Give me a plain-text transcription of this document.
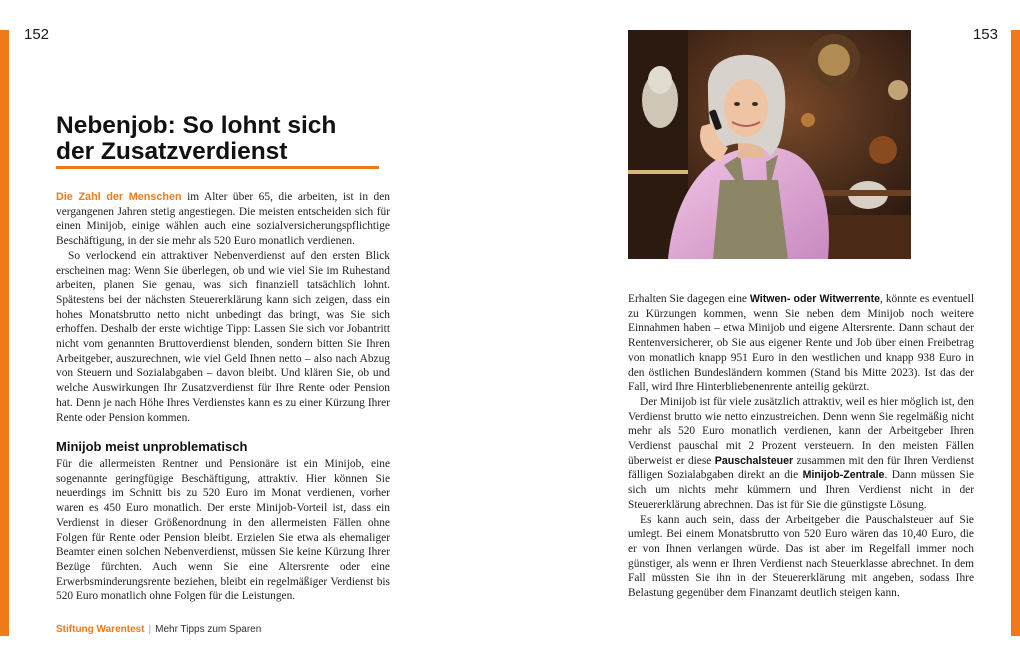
152
Nebenjob: So lohnt sich
der Zusatzverdienst

Die Zahl der Menschen im Alter über 65, die arbeiten, ist in den vergangenen Jahren stetig angestiegen. Die meisten entscheiden sich für einen Minijob, einige wählen auch eine sozialversicherungspflichtige Beschäftigung, in der sie mehr als 520 Euro monatlich verdienen.

So verlockend ein attraktiver Nebenverdienst auf den ersten Blick erscheinen mag: Wenn Sie überlegen, ob und wie viel Sie im Ruhestand arbeiten, planen Sie genau, was sich finanziell tatsächlich lohnt. Spätestens bei der nächsten Steuererklärung kann sich zeigen, dass ein hohes Monatsbrutto netto nicht unbedingt das bringt, was Sie sich erhoffen. Deshalb der erste wichtige Tipp: Lassen Sie sich vor Jobantritt nicht vom genannten Bruttoverdienst blenden, sondern bitten Sie Ihren Arbeitgeber, auszurechnen, wie viel Geld Ihnen netto – also nach Abzug von Steuern und Sozialabgaben – davon bleibt. Und klären Sie, ob und welche Auswirkungen Ihr Zusatzverdienst für Ihre Rente oder Pension hat. Denn je nach Höhe Ihres Verdienstes kann es zu einer Kürzung Ihrer Rente oder Pension kommen.

Minijob meist unproblematisch

Für die allermeisten Rentner und Pensionäre ist ein Minijob, eine sogenannte geringfügige Beschäftigung, attraktiv. Hier können Sie neuerdings im Schnitt bis zu 520 Euro im Monat verdienen, vorher waren es 450 Euro monatlich. Der erste Minijob-Vorteil ist, dass ein Verdienst in dieser Größenordnung in den allermeisten Fällen ohne Folgen für Rente oder Pension bleibt. Erzielen Sie etwa als ehemaliger Beamter einen solchen Nebenverdienst, müssen Sie keine Kürzung Ihrer Bezüge fürchten. Auch wenn Sie eine Altersrente oder eine Erwerbsminderungsrente beziehen, bleibt ein regelmäßiger Verdienst bis 520 Euro monatlich ohne Folgen für die Leistungen.

Stiftung Warentest | Mehr Tipps zum Sparen
153

Erhalten Sie dagegen eine Witwen- oder Witwerrente, könnte es eventuell zu Kürzungen kommen, wenn Sie neben dem Minijob noch weitere Einnahmen haben – etwa Minijob und eigene Altersrente. Dann schaut der Rentenversicherer, ob Sie aus eigener Rente und Job über einen Freibetrag von monatlich knapp 951 Euro in den westlichen und knapp 938 Euro in den östlichen Bundesländern kommen (Stand bis Mitte 2023). Ist das der Fall, wird Ihre Hinterbliebenenrente anteilig gekürzt.

Der Minijob ist für viele zusätzlich attraktiv, weil es hier möglich ist, den Verdienst brutto wie netto einzustreichen. Denn wenn Sie regelmäßig nicht mehr als 520 Euro monatlich verdienen, kann der Arbeitgeber Ihren Verdienst pauschal mit 2 Prozent versteuern. In den meisten Fällen überweist er diese Pauschalsteuer zusammen mit den für Ihren Verdienst fälligen Sozialabgaben direkt an die Minijob-Zentrale. Dann müssen Sie sich um nichts mehr kümmern und Ihren Verdienst nicht in der Steuererklärung abrechnen. Das ist für Sie die günstigste Lösung.

Es kann auch sein, dass der Arbeitgeber die Pauschalsteuer auf Sie umlegt. Bei einem Monatsbrutto von 520 Euro wären das 10,40 Euro, die er von Ihnen verlangen würde. Das ist aber im Regelfall immer noch günstiger, als wenn er Ihren Verdienst nach Steuerklasse abrechnet. In dem Fall müssten Sie ihn in der Steuererklärung mit angeben, sodass Ihre Belastung gegenüber dem Finanzamt deutlich steigen kann.
